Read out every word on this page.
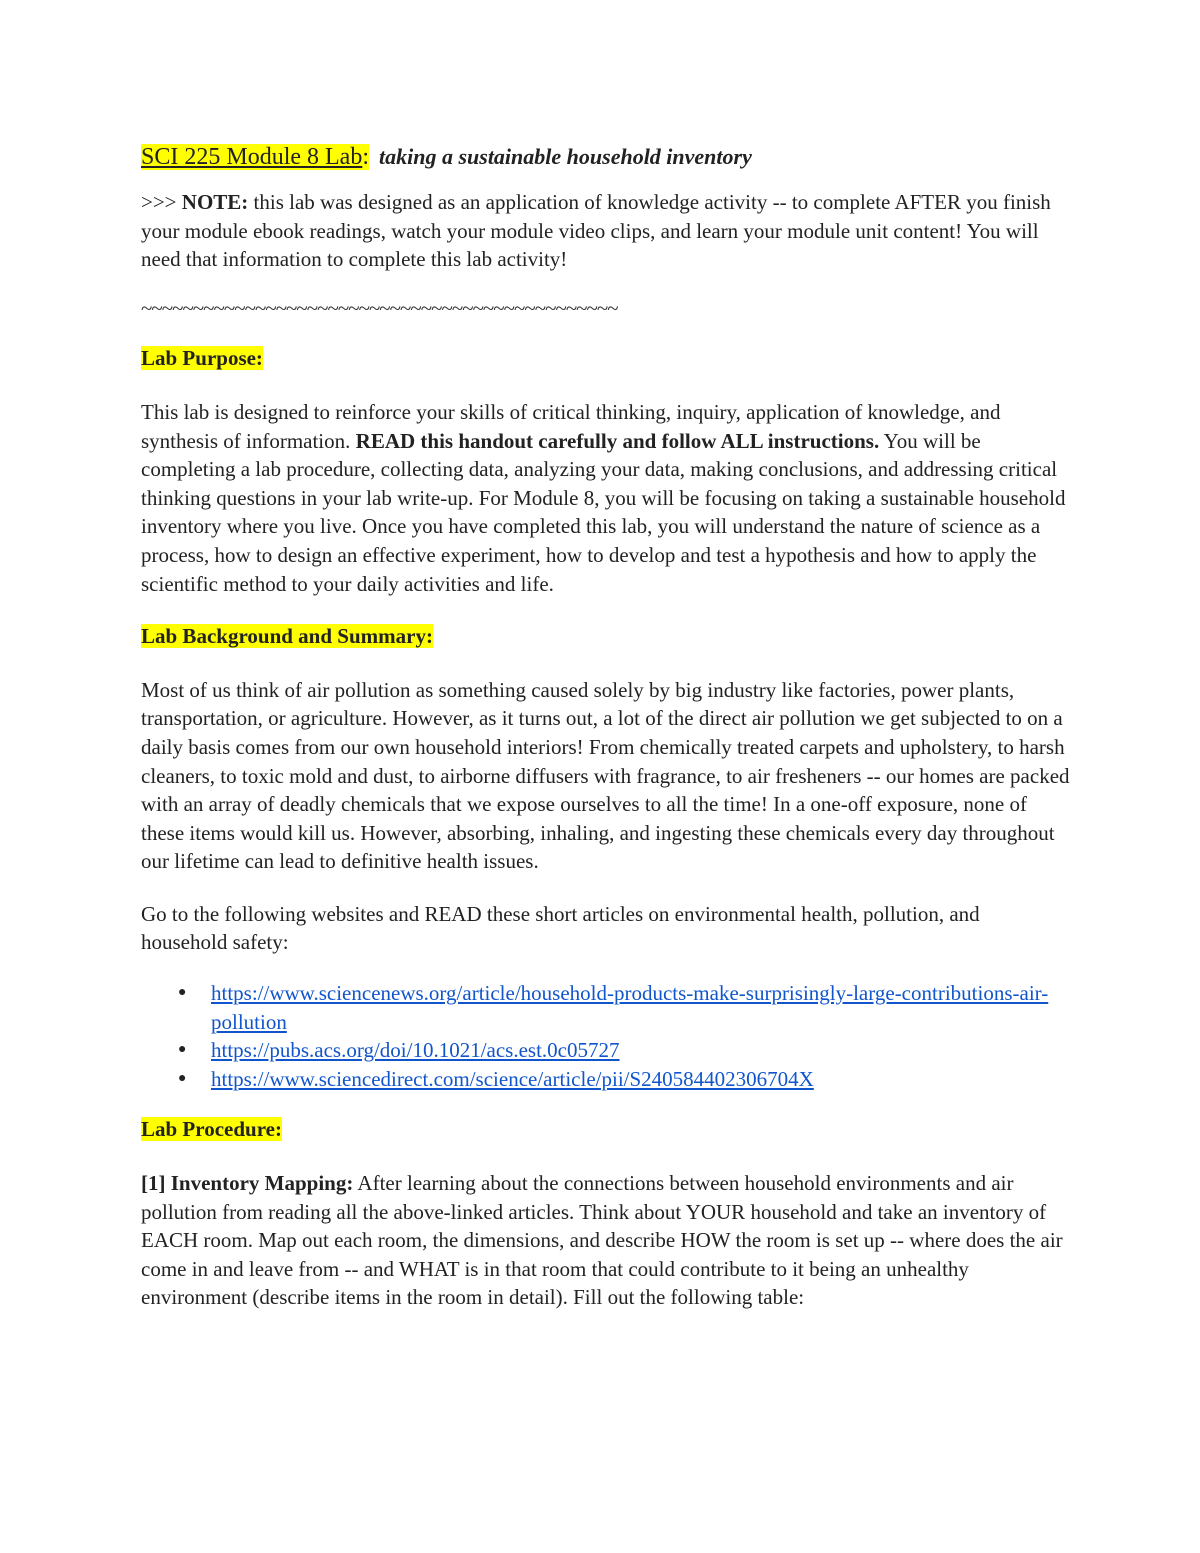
SCI 225 Module 8 Lab: taking a sustainable household inventory

>>> NOTE: this lab was designed as an application of knowledge activity -- to complete AFTER you finish your module ebook readings, watch your module video clips, and learn your module unit content! You will need that information to complete this lab activity!

~~~~~~~~~~~~~~~~~~~~~~~~~~~~~~~~~~~~~~~~~~~~~~

Lab Purpose:

This lab is designed to reinforce your skills of critical thinking, inquiry, application of knowledge, and synthesis of information. READ this handout carefully and follow ALL instructions. You will be completing a lab procedure, collecting data, analyzing your data, making conclusions, and addressing critical thinking questions in your lab write-up. For Module 8, you will be focusing on taking a sustainable household inventory where you live. Once you have completed this lab, you will understand the nature of science as a process, how to design an effective experiment, how to develop and test a hypothesis and how to apply the scientific method to your daily activities and life.

Lab Background and Summary:

Most of us think of air pollution as something caused solely by big industry like factories, power plants, transportation, or agriculture. However, as it turns out, a lot of the direct air pollution we get subjected to on a daily basis comes from our own household interiors! From chemically treated carpets and upholstery, to harsh cleaners, to toxic mold and dust, to airborne diffusers with fragrance, to air fresheners -- our homes are packed with an array of deadly chemicals that we expose ourselves to all the time! In a one-off exposure, none of these items would kill us. However, absorbing, inhaling, and ingesting these chemicals every day throughout our lifetime can lead to definitive health issues.

Go to the following websites and READ these short articles on environmental health, pollution, and household safety:

● https://www.sciencenews.org/article/household-products-make-surprisingly-large-contributions-air-pollution
● https://pubs.acs.org/doi/10.1021/acs.est.0c05727
● https://www.sciencedirect.com/science/article/pii/S240584402306704X

Lab Procedure:

[1] Inventory Mapping: After learning about the connections between household environments and air pollution from reading all the above-linked articles. Think about YOUR household and take an inventory of EACH room. Map out each room, the dimensions, and describe HOW the room is set up -- where does the air come in and leave from -- and WHAT is in that room that could contribute to it being an unhealthy environment (describe items in the room in detail). Fill out the following table:
